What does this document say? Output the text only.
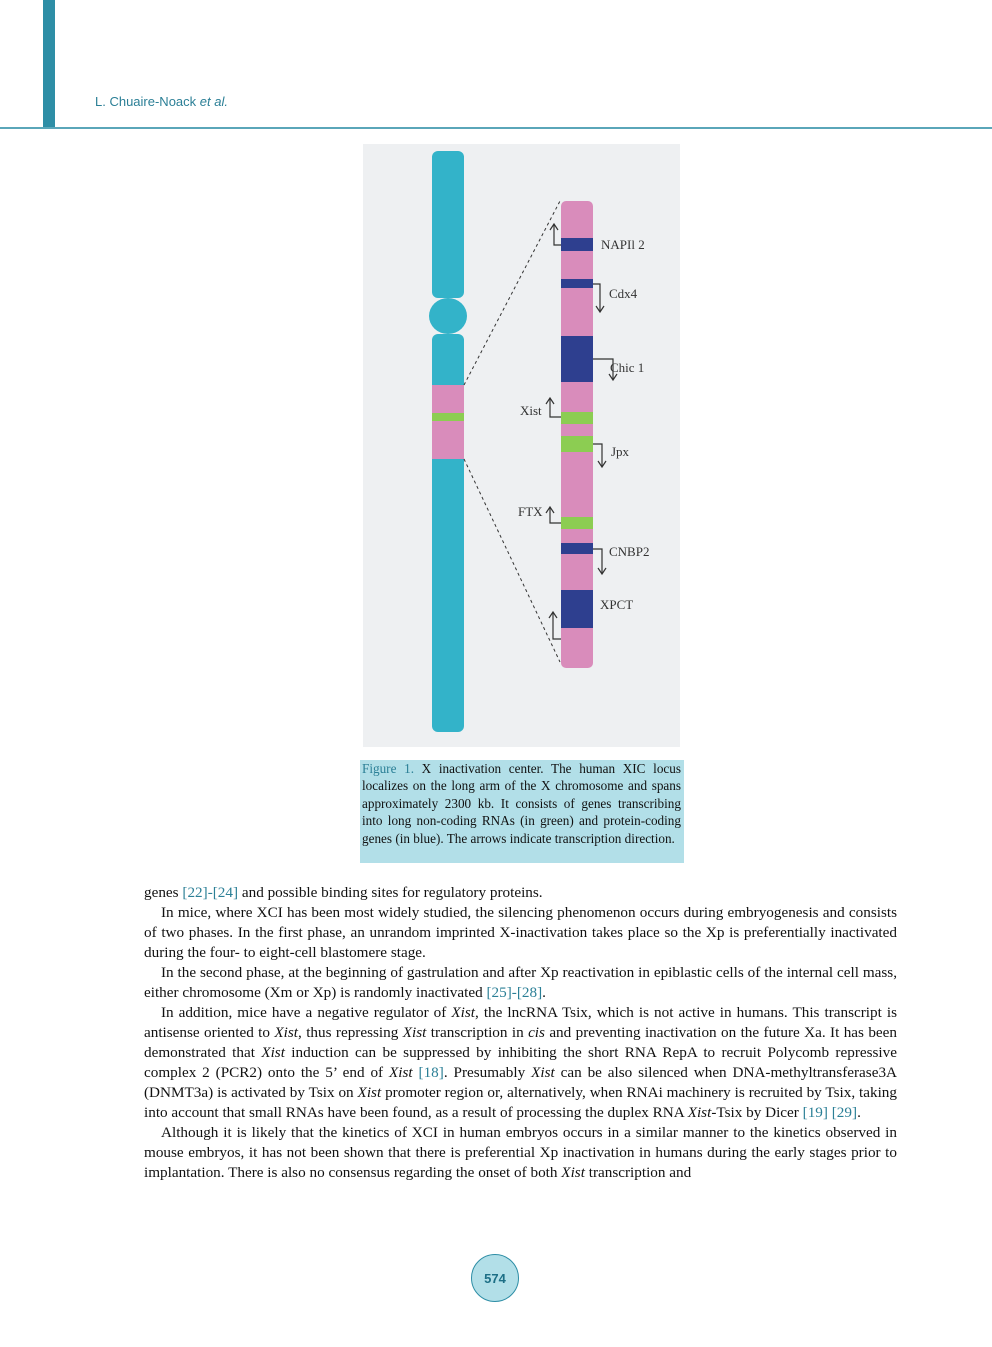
L. Chuaire-Noack et al.
NAPIl 2
Cdx4
Chic 1
Xist
Jpx
FTX
CNBP2
XPCT
Figure 1. X inactivation center. The human XIC locus localizes on the long arm of the X chromosome and spans approximately 2300 kb. It consists of genes transcribing into long non-coding RNAs (in green) and protein-coding genes (in blue). The arrows indicate transcription direction.

genes [22]-[24] and possible binding sites for regulatory proteins.

In mice, where XCI has been most widely studied, the silencing phenomenon occurs during embryogenesis and consists of two phases. In the first phase, an unrandom imprinted X-inactivation takes place so the Xp is preferentially inactivated during the four- to eight-cell blastomere stage.

In the second phase, at the beginning of gastrulation and after Xp reactivation in epiblastic cells of the internal cell mass, either chromosome (Xm or Xp) is randomly inactivated [25]-[28].

In addition, mice have a negative regulator of Xist, the lncRNA Tsix, which is not active in humans. This transcript is antisense oriented to Xist, thus repressing Xist transcription in cis and preventing inactivation on the future Xa. It has been demonstrated that Xist induction can be suppressed by inhibiting the short RNA RepA to recruit Polycomb repressive complex 2 (PCR2) onto the 5’ end of Xist [18]. Presumably Xist can be also silenced when DNA-methyltransferase3A (DNMT3a) is activated by Tsix on Xist promoter region or, alternatively, when RNAi machinery is recruited by Tsix, taking into account that small RNAs have been found, as a result of processing the duplex RNA Xist-Tsix by Dicer [19] [29].

Although it is likely that the kinetics of XCI in human embryos occurs in a similar manner to the kinetics observed in mouse embryos, it has not been shown that there is preferential Xp inactivation in humans during the early stages prior to implantation. There is also no consensus regarding the onset of both Xist transcription and

574
